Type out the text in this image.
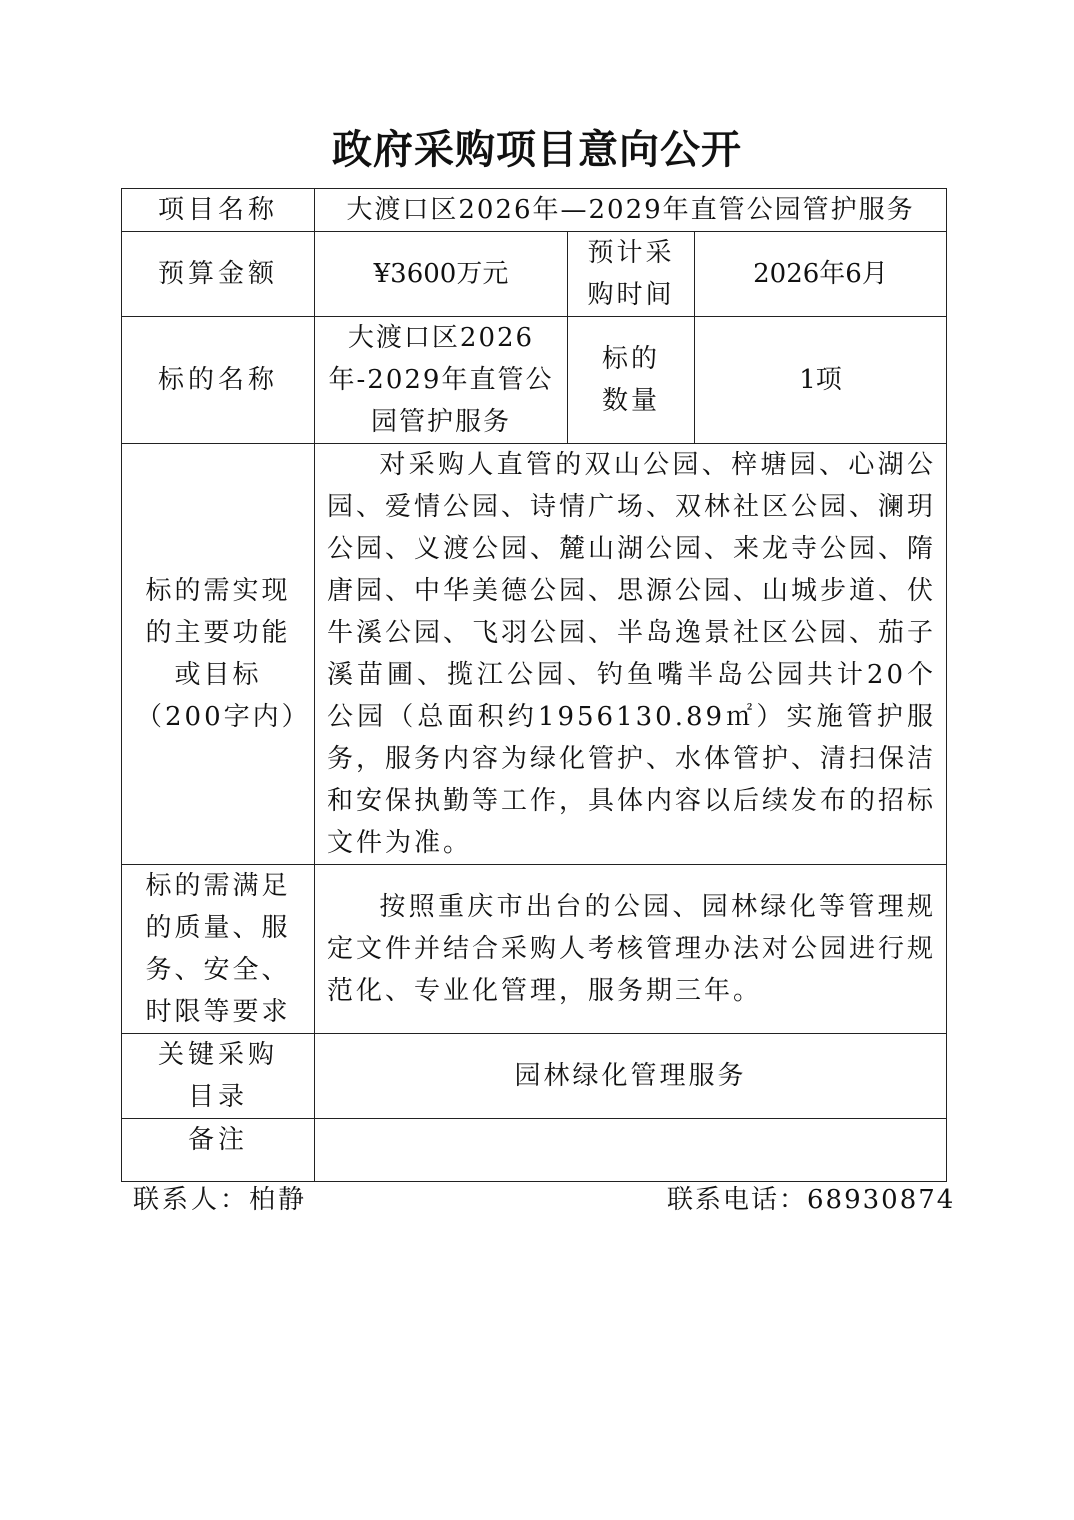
政府采购项目意向公开
项目名称	大渡口区2026年—2029年直管公园管护服务		
预算金额	¥3600万元	预计采购时间	2026年6月
标的名称	大渡口区2026年-2029年直管公园管护服务	标的数量	1项
标的需实现的主要功能或目标（200字内）	对采购人直管的双山公园、梓塘园、心湖公园、爱情公园、诗情广场、双林社区公园、澜玥公园、义渡公园、麓山湖公园、来龙寺公园、隋唐园、中华美德公园、思源公园、山城步道、伏牛溪公园、飞羽公园、半岛逸景社区公园、茄子溪苗圃、揽江公园、钓鱼嘴半岛公园共计20个公园（总面积约1956130.89㎡）实施管护服务，服务内容为绿化管护、水体管护、清扫保洁和安保执勤等工作，具体内容以后续发布的招标文件为准。		
标的需满足的质量、服务、安全、时限等要求	按照重庆市出台的公园、园林绿化等管理规定文件并结合采购人考核管理办法对公园进行规范化、专业化管理，服务期三年。		
关键采购目录	园林绿化管理服务		
备注			
联系人：柏静	联系电话：68930874
